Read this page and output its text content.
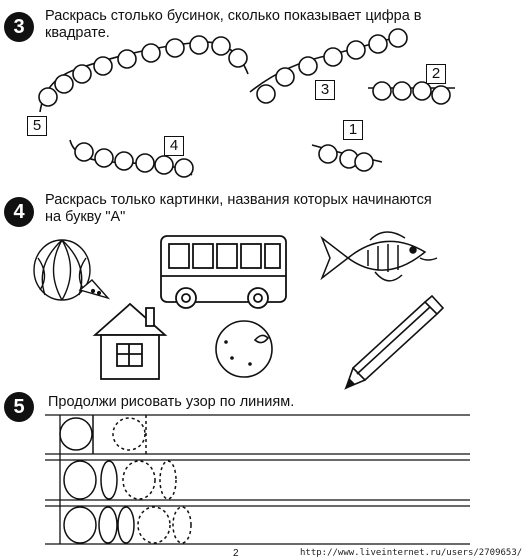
3	Раскрась столько бусинок, сколько показывает цифра в
квадрате.
4
Раскрась только картинки, названия которых начинаются
на букву "А"
5	Продолжи рисовать узор по линиям.
5
3
2
4
1
2	http://www.liveinternet.ru/users/2709653/
